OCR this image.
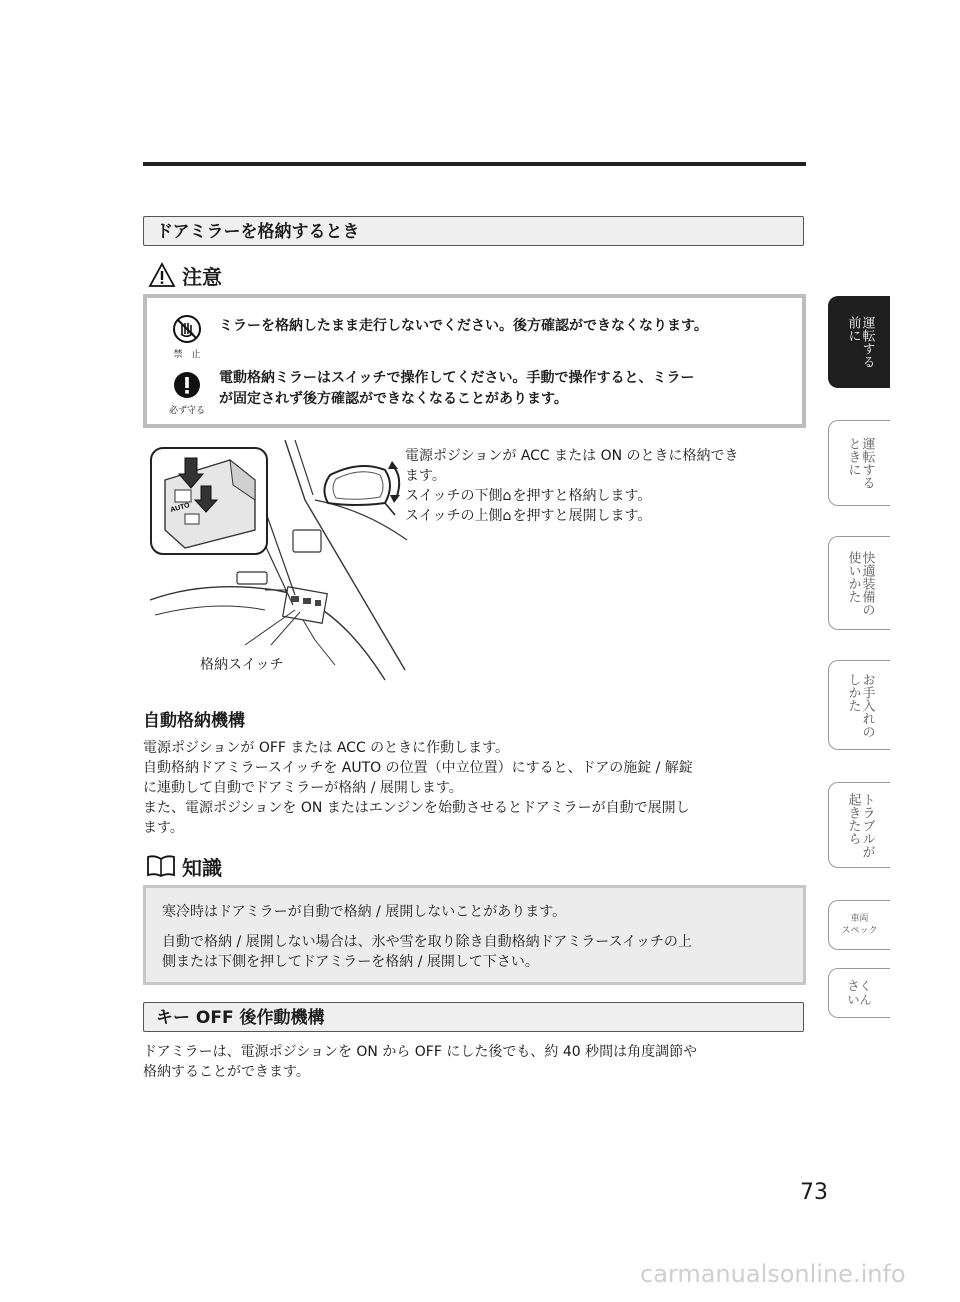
ドアミラーを格納するとき
注意
禁　止
ミラーを格納したまま走行しないでください。後方確認ができなくなります。
必ず守る
電動格納ミラーはスイッチで操作してください。手動で操作すると、ミラー
が固定されず後方確認ができなくなることがあります。
AUTO
電源ポジションが ACC または ON のときに格納でき
ます。
スイッチの下側⌂を押すと格納します。
スイッチの上側⌂を押すと展開します。
格納スイッチ
自動格納機構
電源ポジションが OFF または ACC のときに作動します。
自動格納ドアミラースイッチを AUTO の位置（中立位置）にすると、ドアの施錠 / 解錠
に連動して自動でドアミラーが格納 / 展開します。
また、電源ポジションを ON またはエンジンを始動させるとドアミラーが自動で展開し
ます。
知識
寒冷時はドアミラーが自動で格納 / 展開しないことがあります。
自動で格納 / 展開しない場合は、氷や雪を取り除き自動格納ドアミラースイッチの上
側または下側を押してドアミラーを格納 / 展開して下さい。
キー OFF 後作動機構
ドアミラーは、電源ポジションを ON から OFF にした後でも、約 40 秒間は角度調節や
格納することができます。
運転する
前に
運転する
ときに
快適装備の
使いかた
お手入れの
しかた
トラブルが
起きたら
車両
スペック
さくいん
73
carmanualsonline.info
